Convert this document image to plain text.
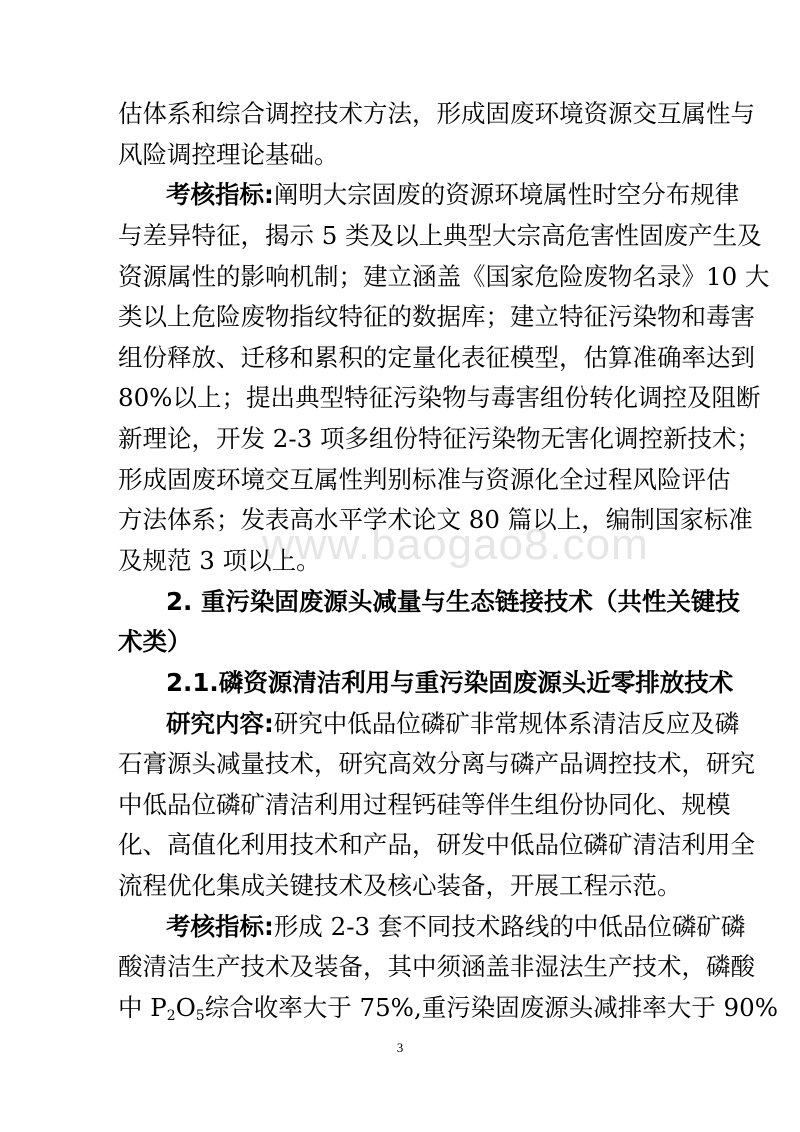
www.baogao8.com
估体系和综合调控技术方法，形成固废环境资源交互属性与
风险调控理论基础。
考核指标:阐明大宗固废的资源环境属性时空分布规律
与差异特征，揭示 5 类及以上典型大宗高危害性固废产生及
资源属性的影响机制；建立涵盖《国家危险废物名录》10 大
类以上危险废物指纹特征的数据库；建立特征污染物和毒害
组份释放、迁移和累积的定量化表征模型，估算准确率达到
80%以上；提出典型特征污染物与毒害组份转化调控及阻断
新理论，开发 2-3 项多组份特征污染物无害化调控新技术；
形成固废环境交互属性判别标准与资源化全过程风险评估
方法体系；发表高水平学术论文 80 篇以上，编制国家标准
及规范 3 项以上。
2. 重污染固废源头减量与生态链接技术（共性关键技
术类）
2.1.磷资源清洁利用与重污染固废源头近零排放技术
研究内容:研究中低品位磷矿非常规体系清洁反应及磷
石膏源头减量技术，研究高效分离与磷产品调控技术，研究
中低品位磷矿清洁利用过程钙硅等伴生组份协同化、规模
化、高值化利用技术和产品，研发中低品位磷矿清洁利用全
流程优化集成关键技术及核心装备，开展工程示范。
考核指标:形成 2-3 套不同技术路线的中低品位磷矿磷
酸清洁生产技术及装备，其中须涵盖非湿法生产技术，磷酸
中 $P_2O_5$综合收率大于 75%,重污染固废源头减排率大于 90%
3
